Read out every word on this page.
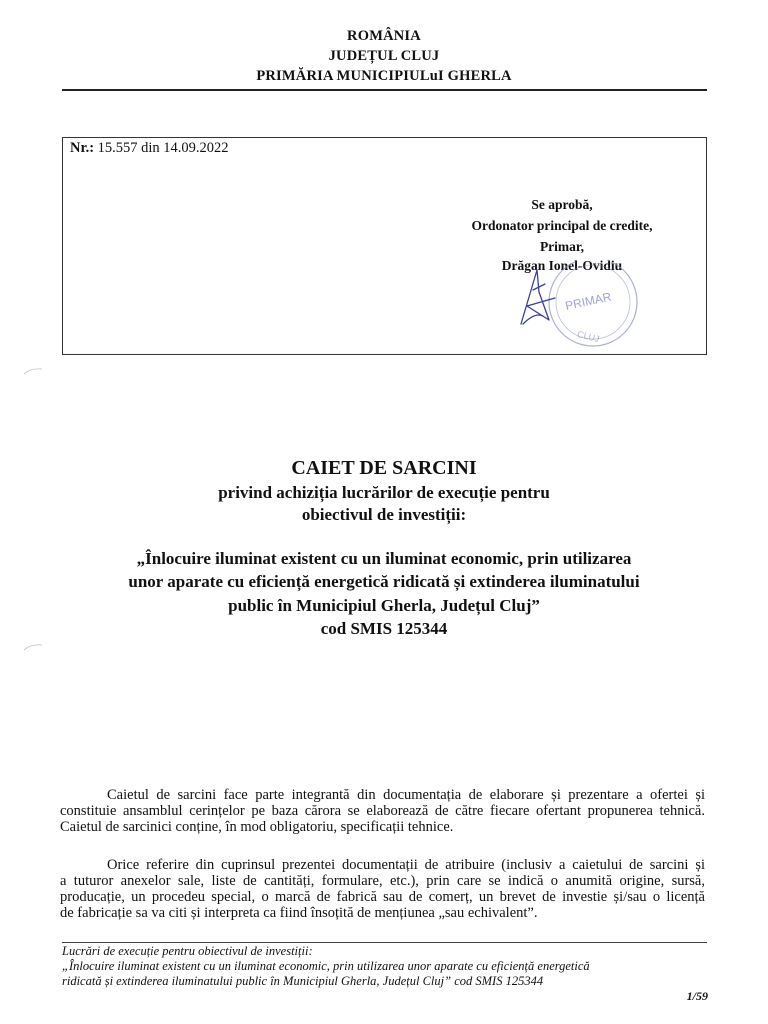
ROMÂNIA
JUDEȚUL CLUJ
PRIMĂRIA MUNICIPIULuI GHERLA
Nr.: 15.557 din 14.09.2022
Se aprobă,
Ordonator principal de credite,
Primar,
Drăgan Ionel-Ovidiu
PRIMAR
CLUJ
CAIET DE SARCINI
privind achiziția lucrărilor de execuție pentru
obiectivul de investiții:
„Înlocuire iluminat existent cu un iluminat economic, prin utilizarea
unor aparate cu eficiență energetică ridicată și extinderea iluminatului
public în Municipiul Gherla, Județul Cluj”
cod SMIS 125344
Caietul de sarcini face parte integrantă din documentația de elaborare și prezentare a ofertei și
constituie ansamblul cerințelor pe baza cărora se elaborează de către fiecare ofertant propunerea tehnică.
Caietul de sarcinici conține, în mod obligatoriu, specificații tehnice.
Orice referire din cuprinsul prezentei documentații de atribuire (inclusiv a caietului de sarcini și
a tuturor anexelor sale, liste de cantități, formulare, etc.), prin care se indică o anumită origine, sursă,
producație, un procedeu special, o marcă de fabrică sau de comerț, un brevet de investie și/sau o licență
de fabricație sa va citi și interpreta ca fiind însoțită de mențiunea „sau echivalent”.
Lucrări de execuție pentru obiectivul de investiții:
„Înlocuire iluminat existent cu un iluminat economic, prin utilizarea unor aparate cu eficiență energetică
ridicată și extinderea iluminatului public în Municipiul Gherla, Județul Cluj” cod SMIS 125344
1/59
